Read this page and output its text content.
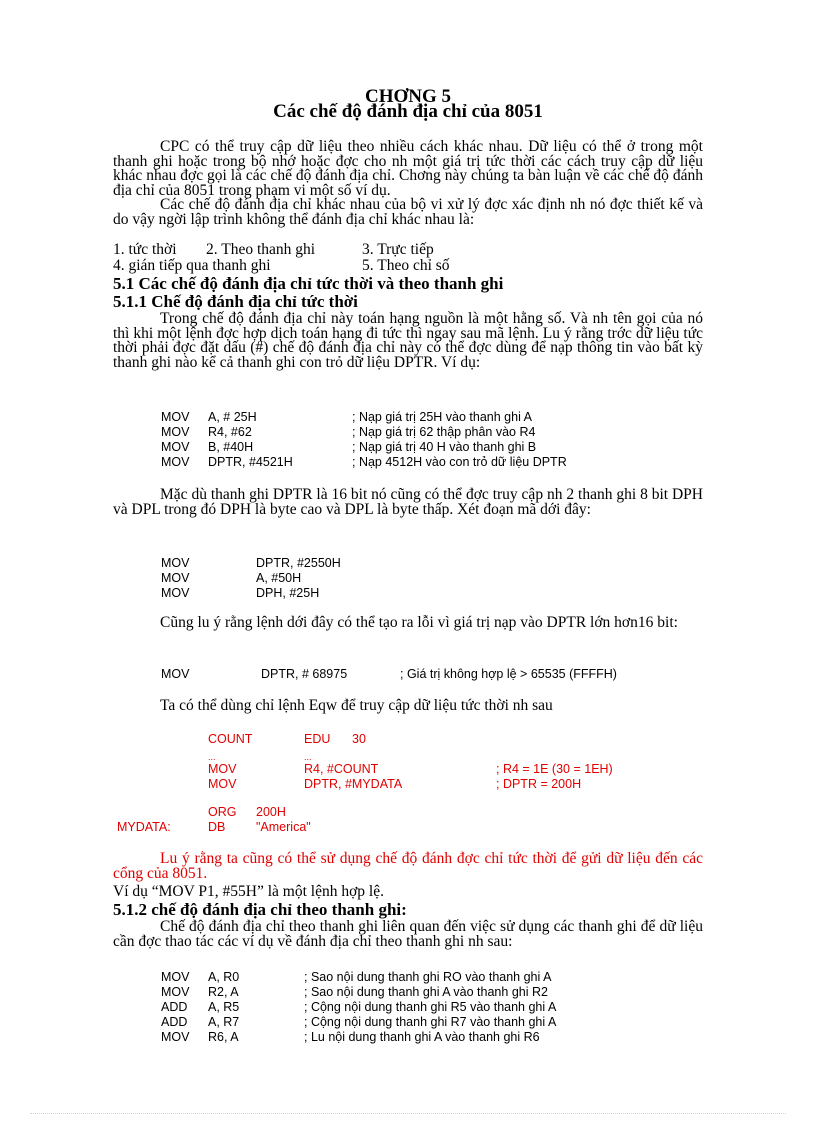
CHƠNG 5
Các chế độ đánh địa chỉ của 8051

CPC có thể truy cập dữ liệu theo nhiều cách khác nhau. Dữ liệu có thể ở trong một thanh ghi hoặc trong bộ nhớ hoặc đợc cho nh một giá trị tức thời các cách truy cập dữ liệu khác nhau đợc gọi là các chế độ đánh địa chỉ. Chơng này chúng ta bàn luận về các chế độ đánh địa chỉ của 8051 trong phạm vi một số ví dụ.

Các chế độ đánh địa chỉ khác nhau của bộ vi xử lý đợc xác định nh nó đợc thiết kế và do vậy ngời lập trình không thể đánh địa chỉ khác nhau là:

1. tức thời 2. Theo thanh ghi	3. Trực tiếp
4. gián tiếp qua thanh ghi	5. Theo chỉ số
5.1 Các chế độ đánh địa chỉ tức thời và theo thanh ghi
5.1.1 Chế độ đánh địa chỉ tức thời

Trong chế độ đánh địa chỉ này toán hạng nguồn là một hằng số. Và nh tên gọi của nó thì khi một lệnh đợc hợp dịch toán hạng đi tức thì ngay sau mã lệnh. Lu ý rằng trớc dữ liệu tức thời phải đợc đặt dấu (#) chế độ đánh địa chỉ này có thể đợc dùng để nạp thông tin vào bất kỳ thanh ghi nào kể cả thanh ghi con trỏ dữ liệu DPTR. Ví dụ:

MOV A, # 25H	; Nạp giá trị 25H vào thanh ghi A
MOV R4, #62	; Nạp giá trị 62 thập phân vào R4
MOV B, #40H	; Nạp giá trị 40 H vào thanh ghi B
MOV DPTR, #4521H	; Nạp 4512H vào con trỏ dữ liệu DPTR

Mặc dù thanh ghi DPTR là 16 bit nó cũng có thể đợc truy cập nh 2 thanh ghi 8 bit DPH và DPL trong đó DPH là byte cao và DPL là byte thấp. Xét đoạn mã dới đây:

MOV	DPTR, #2550H
MOV	A, #50H
MOV	DPH, #25H

Cũng lu ý rằng lệnh dới đây có thể tạo ra lỗi vì giá trị nạp vào DPTR lớn hơn16 bit:

MOV	DPTR, # 68975	; Giá trị không hợp lệ > 65535 (FFFFH)
Ta có thể dùng chỉ lệnh Eqw để truy cập dữ liệu tức thời nh sau
COUNT	EDU 30
...	...
MOV	R4, #COUNT	; R4 = 1E (30 = 1EH)
MOV	DPTR, #MYDATA	; DPTR = 200H
ORG 200H
MYDATA:	DB "America"

Lu ý rằng ta cũng có thể sử dụng chế độ đánh đợc chỉ tức thời để gửi dữ liệu đến các cổng của 8051.

Ví dụ “MOV P1, #55H” là một lệnh hợp lệ.
5.1.2 chế độ đánh địa chỉ theo thanh ghi:

Chế độ đánh địa chỉ theo thanh ghi liên quan đến việc sử dụng các thanh ghi để dữ liệu cần đợc thao tác các ví dụ về đánh địa chỉ theo thanh ghi nh sau:

MOV A, R0	; Sao nội dung thanh ghi RO vào thanh ghi A
MOV R2, A	; Sao nội dung thanh ghi A vào thanh ghi R2
ADD A, R5	; Cộng nội dung thanh ghi R5 vào thanh ghi A
ADD A, R7	; Cộng nội dung thanh ghi R7 vào thanh ghi A
MOV R6, A	; Lu nội dung thanh ghi A vào thanh ghi R6
